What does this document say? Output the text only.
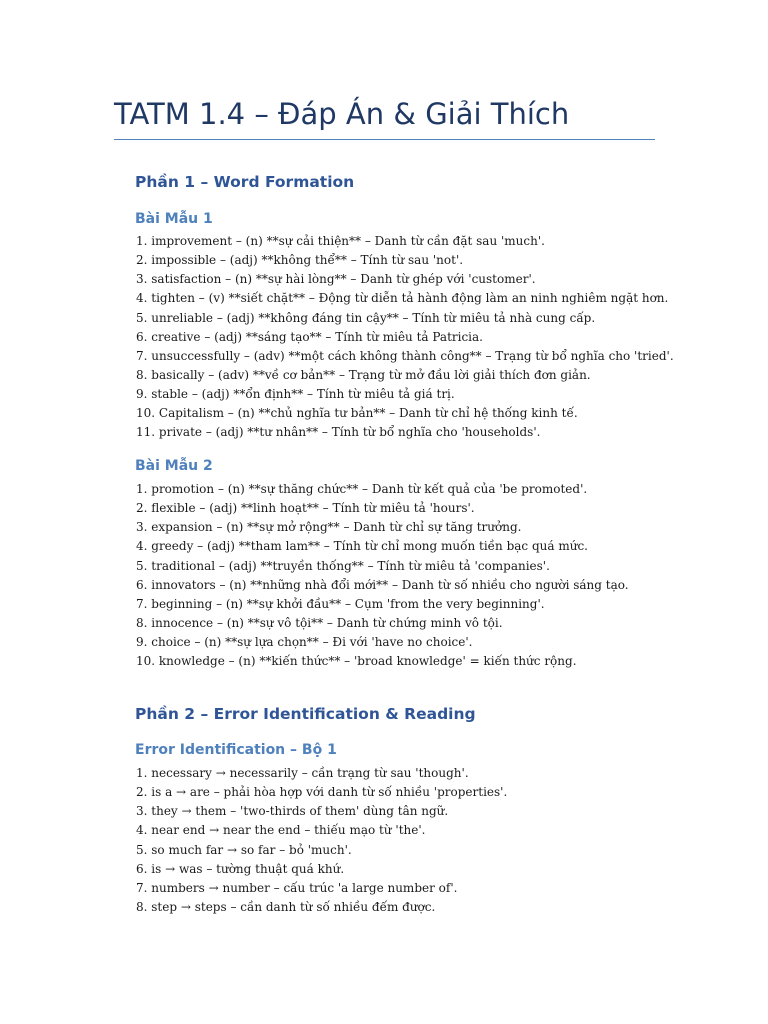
TATM 1.4 – Đáp Án & Giải Thích
Phần 1 – Word Formation
Bài Mẫu 1
1. improvement – (n) **sự cải thiện** – Danh từ cần đặt sau 'much'.
2. impossible – (adj) **không thể** – Tính từ sau 'not'.
3. satisfaction – (n) **sự hài lòng** – Danh từ ghép với 'customer'.
4. tighten – (v) **siết chặt** – Động từ diễn tả hành động làm an ninh nghiêm ngặt hơn.
5. unreliable – (adj) **không đáng tin cậy** – Tính từ miêu tả nhà cung cấp.
6. creative – (adj) **sáng tạo** – Tính từ miêu tả Patricia.
7. unsuccessfully – (adv) **một cách không thành công** – Trạng từ bổ nghĩa cho 'tried'.
8. basically – (adv) **về cơ bản** – Trạng từ mở đầu lời giải thích đơn giản.
9. stable – (adj) **ổn định** – Tính từ miêu tả giá trị.
10. Capitalism – (n) **chủ nghĩa tư bản** – Danh từ chỉ hệ thống kinh tế.
11. private – (adj) **tư nhân** – Tính từ bổ nghĩa cho 'households'.
Bài Mẫu 2
1. promotion – (n) **sự thăng chức** – Danh từ kết quả của 'be promoted'.
2. flexible – (adj) **linh hoạt** – Tính từ miêu tả 'hours'.
3. expansion – (n) **sự mở rộng** – Danh từ chỉ sự tăng trưởng.
4. greedy – (adj) **tham lam** – Tính từ chỉ mong muốn tiền bạc quá mức.
5. traditional – (adj) **truyền thống** – Tính từ miêu tả 'companies'.
6. innovators – (n) **những nhà đổi mới** – Danh từ số nhiều cho người sáng tạo.
7. beginning – (n) **sự khởi đầu** – Cụm 'from the very beginning'.
8. innocence – (n) **sự vô tội** – Danh từ chứng minh vô tội.
9. choice – (n) **sự lựa chọn** – Đi với 'have no choice'.
10. knowledge – (n) **kiến thức** – 'broad knowledge' = kiến thức rộng.
Phần 2 – Error Identification & Reading
Error Identification – Bộ 1
1. necessary → necessarily – cần trạng từ sau 'though'.
2. is a → are – phải hòa hợp với danh từ số nhiều 'properties'.
3. they → them – 'two-thirds of them' dùng tân ngữ.
4. near end → near the end – thiếu mạo từ 'the'.
5. so much far → so far – bỏ 'much'.
6. is → was – tường thuật quá khứ.
7. numbers → number – cấu trúc 'a large number of'.
8. step → steps – cần danh từ số nhiều đếm được.
